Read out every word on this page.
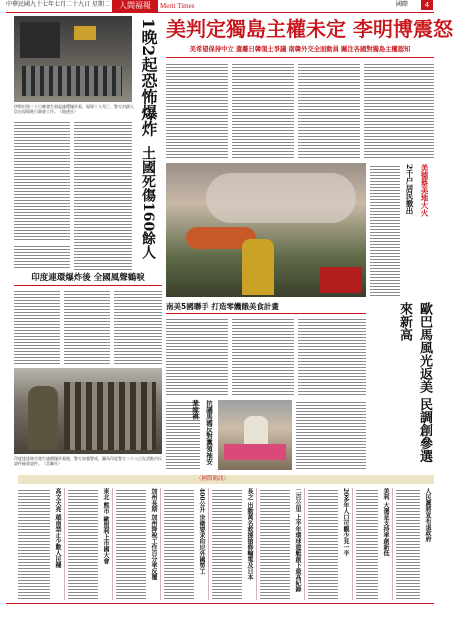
中華民國九十七年七月二十九日 星期二	人間福報	Merit Times	國際	4
伊斯坦堡三十日晚發生兩起連環爆炸案，現場十人死亡，警方封鎖人員在現場進行調查工作。（路透社）	1晚2起恐怖爆炸
土國死傷160餘人
印度連環爆炸後 全國風聲鶴唳
印度達達林市發生連續爆炸案後，警方加強警戒，圖為印度警方二十八日在清點市民證件檢查證件。（美聯社）
美判定獨島主權未定 李明博震怒
美希望保持中立 遣離日韓領土爭議 南韓外交全面動員 關注各國對獨島主權認知
美德蔡美地大火
2千户居民撤出
南美5國聯手 打造零饑餓美食計畫
抗議馬國反對黨領袖安華嫁禍	歐巴馬風光返美 民調創參選來新高
〈國際簡訊〉
高文天亮 越南禁止少數人民種	東北 熊市 歐盟利上市國大會	加州長期 加州降稅工作百分率反覆	400公升 世衛要求印尼外國勞工	長之 出動萬名救援搶修輸電及日本	二百公里 上半年環球遊艇創下最高紀錄	20多年人口可觀少見一半	美利 大選是支持率創新低	人民黨將宣布退政府
